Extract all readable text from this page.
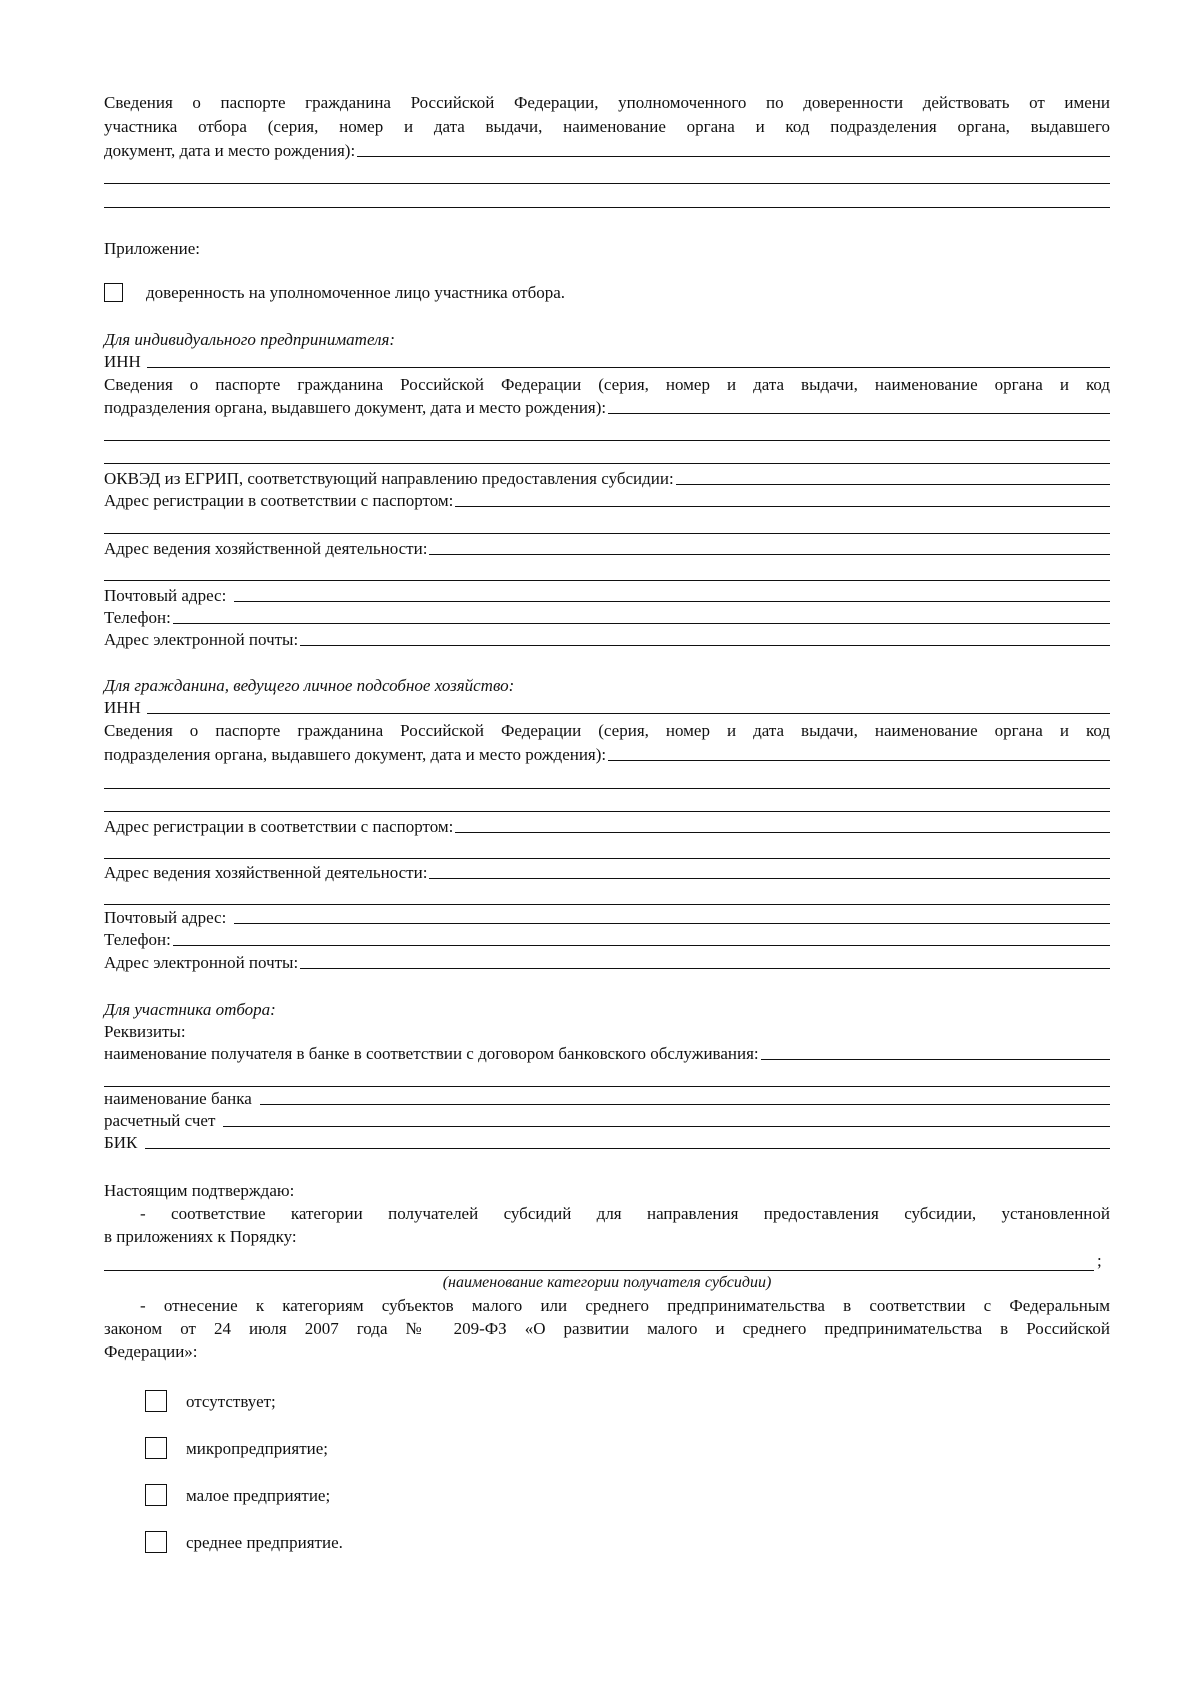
Сведения о паспорте гражданина Российской Федерации, уполномоченного по доверенности действовать от имени
участника отбора (серия, номер и дата выдачи, наименование органа и код подразделения органа, выдавшего
документ, дата и место рождения):
Приложение:
доверенность на уполномоченное лицо участника отбора.
Для индивидуального предпринимателя:
ИНН
Сведения о паспорте гражданина Российской Федерации (серия, номер и дата выдачи, наименование органа и код
подразделения органа, выдавшего документ, дата и место рождения):
ОКВЭД из ЕГРИП, соответствующий направлению предоставления субсидии:
Адрес регистрации в соответствии с паспортом:
Адрес ведения хозяйственной деятельности:
Почтовый адрес:
Телефон:
Адрес электронной почты:
Для гражданина, ведущего личное подсобное хозяйство:
ИНН
Сведения о паспорте гражданина Российской Федерации (серия, номер и дата выдачи, наименование органа и код
подразделения органа, выдавшего документ, дата и место рождения):
Адрес регистрации в соответствии с паспортом:
Адрес ведения хозяйственной деятельности:
Почтовый адрес:
Телефон:
Адрес электронной почты:
Для участника отбора:
Реквизиты:
наименование получателя в банке в соответствии с договором банковского обслуживания:
наименование банка
расчетный счет
БИК
Настоящим подтверждаю:
- соответствие категории получателей субсидий для направления предоставления субсидии, установленной
в приложениях к Порядку:
;
(наименование категории получателя субсидии)
- отнесение к категориям субъектов малого или среднего предпринимательства в соответствии с Федеральным
законом от 24 июля 2007 года № 209-ФЗ «О развитии малого и среднего предпринимательства в Российской
Федерации»:
отсутствует;
микропредприятие;
малое предприятие;
среднее предприятие.
